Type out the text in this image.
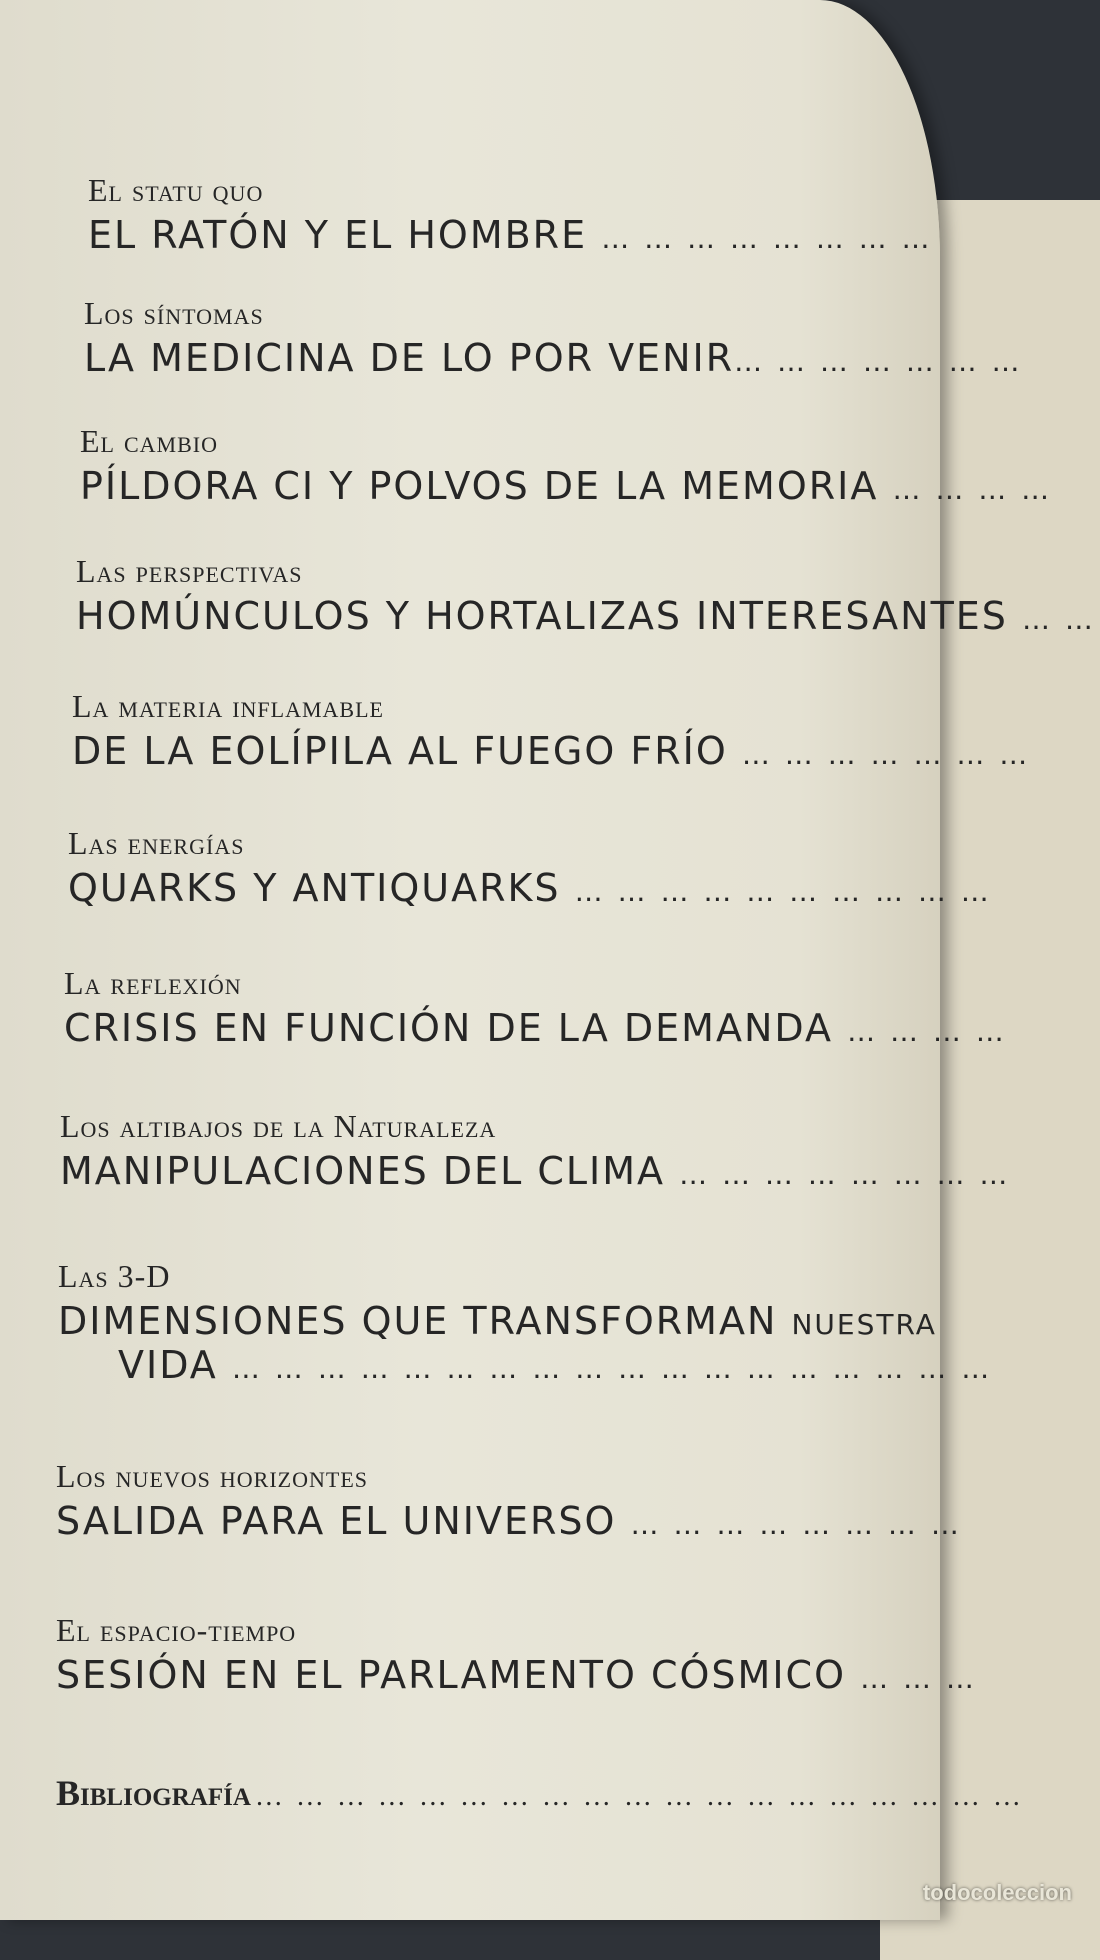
El statu quo
EL RATÓN Y EL HOMBRE … … … … … … … …
Los síntomas
LA MEDICINA DE LO POR VENIR… … … … … … …
El cambio
PÍLDORA CI Y POLVOS DE LA MEMORIA … … … …
Las perspectivas
HOMÚNCULOS Y HORTALIZAS INTERESANTES … …
La materia inflamable
DE LA EOLÍPILA AL FUEGO FRÍO … … … … … … …
Las energías
QUARKS Y ANTIQUARKS … … … … … … … … … …
La reflexión
CRISIS EN FUNCIÓN DE LA DEMANDA … … … …
Los altibajos de la Naturaleza
MANIPULACIONES DEL CLIMA … … … … … … … …
Las 3-D
DIMENSIONES QUE TRANSFORMAN NUESTRA
VIDA … … … … … … … … … … … … … … … … … …
Los nuevos horizontes
SALIDA PARA EL UNIVERSO … … … … … … … …
El espacio-tiempo
SESIÓN EN EL PARLAMENTO CÓSMICO … … …
Bibliografía … … … … … … … … … … … … … … … … … … …
todocoleccion
